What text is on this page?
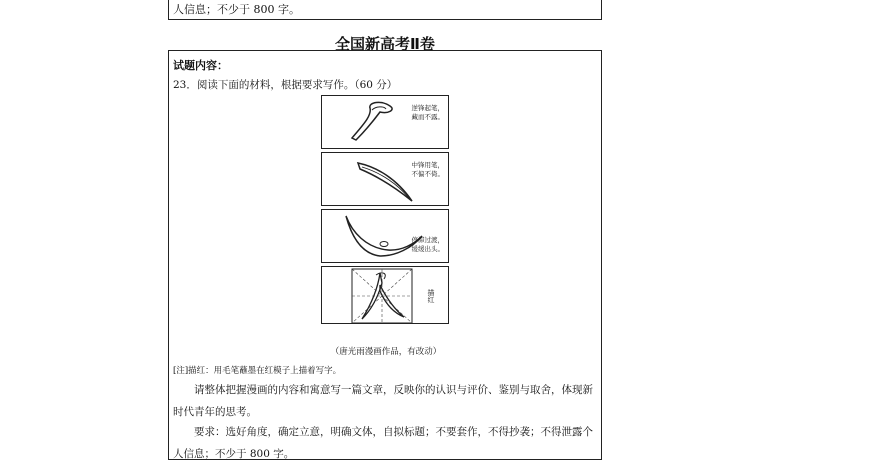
人信息；不少于 800 字。
全国新高考Ⅱ卷
试题内容：
23．阅读下面的材料，根据要求写作。（60 分）
逆锋起笔，
藏而不露。
中锋用笔，
不偏不倚。
停滞过渡，
缓缓出头。
描红
（唐光雨漫画作品，有改动）
[注]描红：用毛笔蘸墨在红模子上描着写字。
请整体把握漫画的内容和寓意写一篇文章，反映你的认识与评价、鉴别与取舍，体现新时代青年的思考。
要求：选好角度，确定立意，明确文体，自拟标题；不要套作，不得抄袭；不得泄露个人信息；不少于 800 字。
